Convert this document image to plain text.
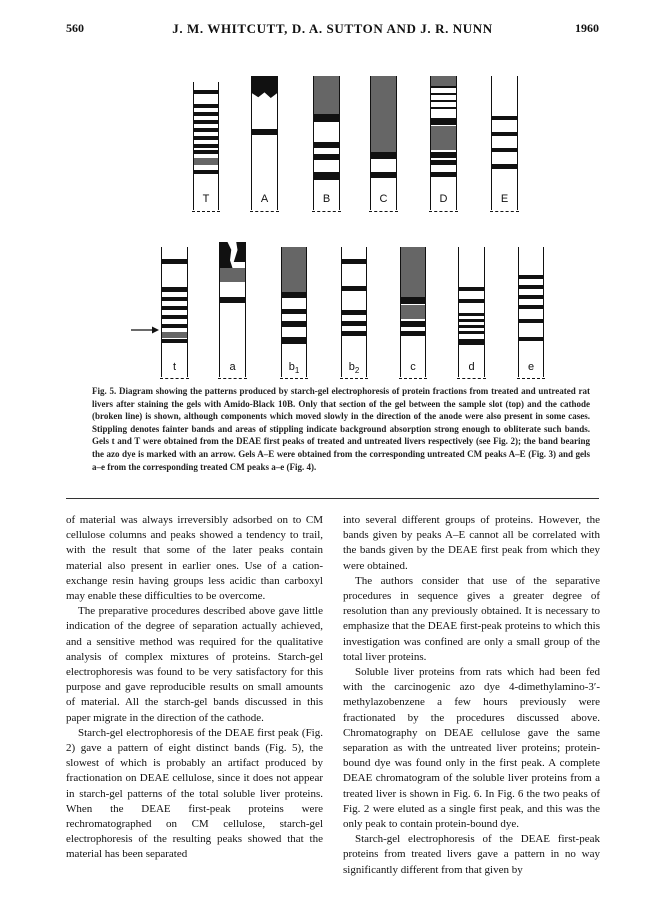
560	J. M. WHITCUTT, D. A. SUTTON AND J. R. NUNN	1960
T	A	B	C	D	E
t	a	$b_1$	$b_2$	c	d	e
Fig. 5. Diagram showing the patterns produced by starch-gel electrophoresis of protein fractions from treated and untreated rat livers after staining the gels with Amido-Black 10B. Only that section of the gel between the sample slot (top) and the cathode (broken line) is shown, although components which moved slowly in the direction of the anode were also present in some cases. Stippling denotes fainter bands and areas of stippling indicate background absorption strong enough to obliterate such bands. Gels t and T were obtained from the DEAE first peaks of treated and untreated livers respectively (see Fig. 2); the band bearing the azo dye is marked with an arrow. Gels A–E were obtained from the corresponding untreated CM peaks A–E (Fig. 3) and gels a–e from the corresponding treated CM peaks a–e (Fig. 4).

of material was always irreversibly adsorbed on to CM cellulose columns and peaks showed a tendency to trail, with the result that some of the later peaks contain material also present in earlier ones. Use of a cation-exchange resin having groups less acidic than carboxyl may enable these difficulties to be overcome.

The preparative procedures described above gave little indication of the degree of separation actually achieved, and a sensitive method was required for the qualitative analysis of complex mixtures of proteins. Starch-gel electrophoresis was found to be very satisfactory for this purpose and gave reproducible results on small amounts of material. All the starch-gel bands discussed in this paper migrate in the direction of the cathode.

Starch-gel electrophoresis of the DEAE first peak (Fig. 2) gave a pattern of eight distinct bands (Fig. 5), the slowest of which is probably an artifact produced by fractionation on DEAE cellulose, since it does not appear in starch-gel patterns of the total soluble liver proteins. When the DEAE first-peak proteins were rechromatographed on CM cellulose, starch-gel electrophoresis of the resulting peaks showed that the material has been separated

into several different groups of proteins. However, the bands given by peaks A–E cannot all be correlated with the bands given by the DEAE first peak from which they were obtained.

The authors consider that use of the separative procedures in sequence gives a greater degree of resolution than any previously obtained. It is necessary to emphasize that the DEAE first-peak proteins to which this investigation was confined are only a small group of the total liver proteins.

Soluble liver proteins from rats which had been fed with the carcinogenic azo dye 4-dimethylamino-3′-methylazobenzene a few hours previously were fractionated by the procedures discussed above. Chromatography on DEAE cellulose gave the same separation as with the untreated liver proteins; protein-bound dye was found only in the first peak. A complete DEAE chromatogram of the soluble liver proteins from a treated liver is shown in Fig. 6. In Fig. 6 the two peaks of Fig. 2 were eluted as a single first peak, and this was the only peak to contain protein-bound dye.

Starch-gel electrophoresis of the DEAE first-peak proteins from treated livers gave a pattern in no way significantly different from that given by
